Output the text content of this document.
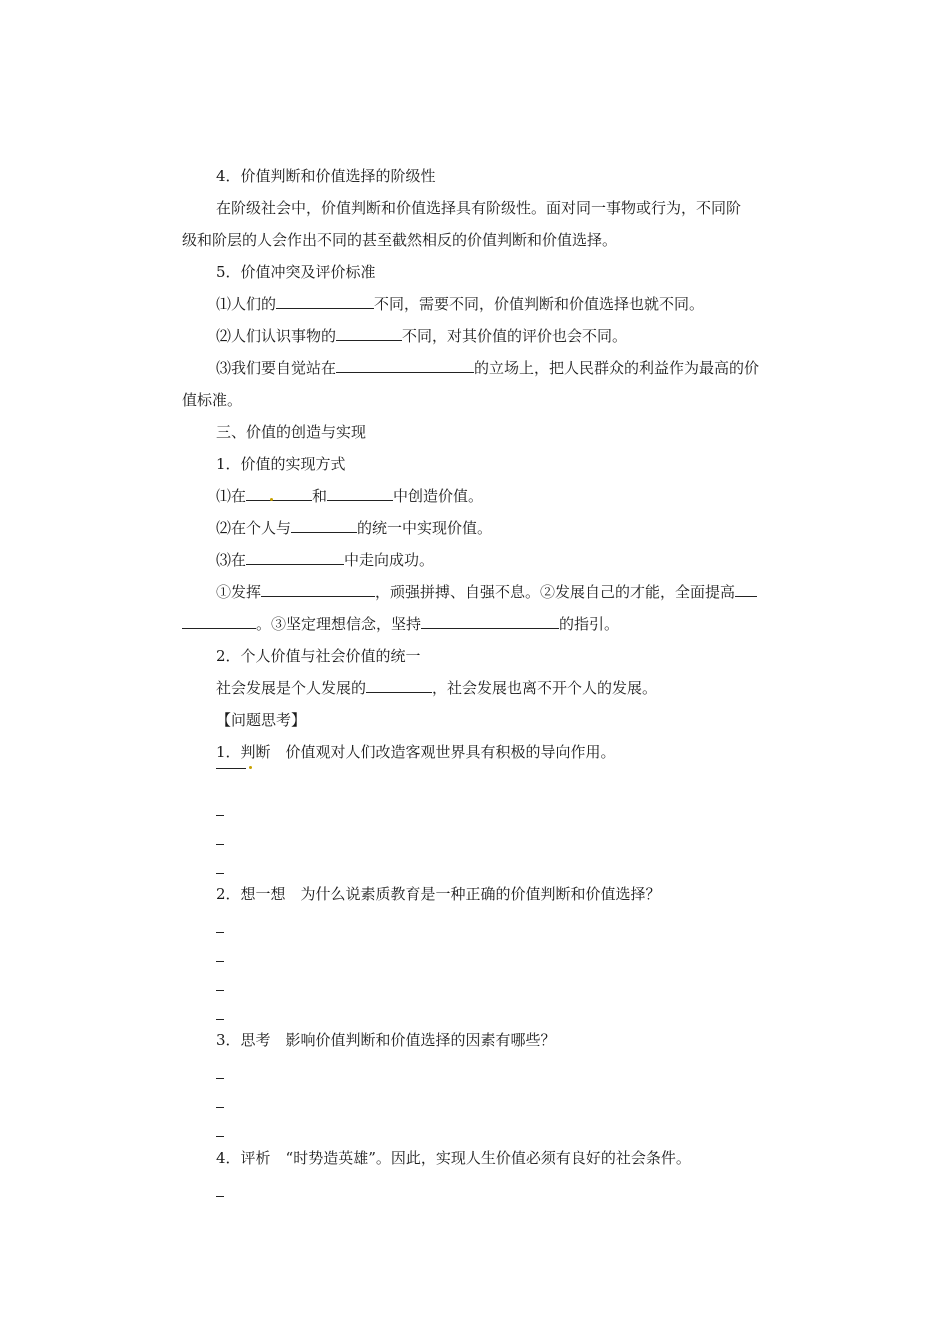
4．价值判断和价值选择的阶级性
在阶级社会中，价值判断和价值选择具有阶级性。面对同一事物或行为，不同阶
级和阶层的人会作出不同的甚至截然相反的价值判断和价值选择。
5．价值冲突及评价标准
⑴人们的	不同，需要不同，价值判断和价值选择也就不同。
⑵人们认识事物的	不同，对其价值的评价也会不同。
⑶我们要自觉站在	的立场上，把人民群众的利益作为最高的价
值标准。
三、价值的创造与实现
1．价值的实现方式
⑴在	和	中创造价值。
⑵在个人与	的统一中实现价值。
⑶在	中走向成功。
①发挥	，顽强拼搏、自强不息。②发展自己的才能，全面提高
。③坚定理想信念，坚持	的指引。
2．个人价值与社会价值的统一
社会发展是个人发展的	，社会发展也离不开个人的发展。
【问题思考】
1．判断　价值观对人们改造客观世界具有积极的导向作用。
2．想一想　为什么说素质教育是一种正确的价值判断和价值选择？
3．思考　影响价值判断和价值选择的因素有哪些？
4．评析　“时势造英雄”。因此，实现人生价值必须有良好的社会条件。
